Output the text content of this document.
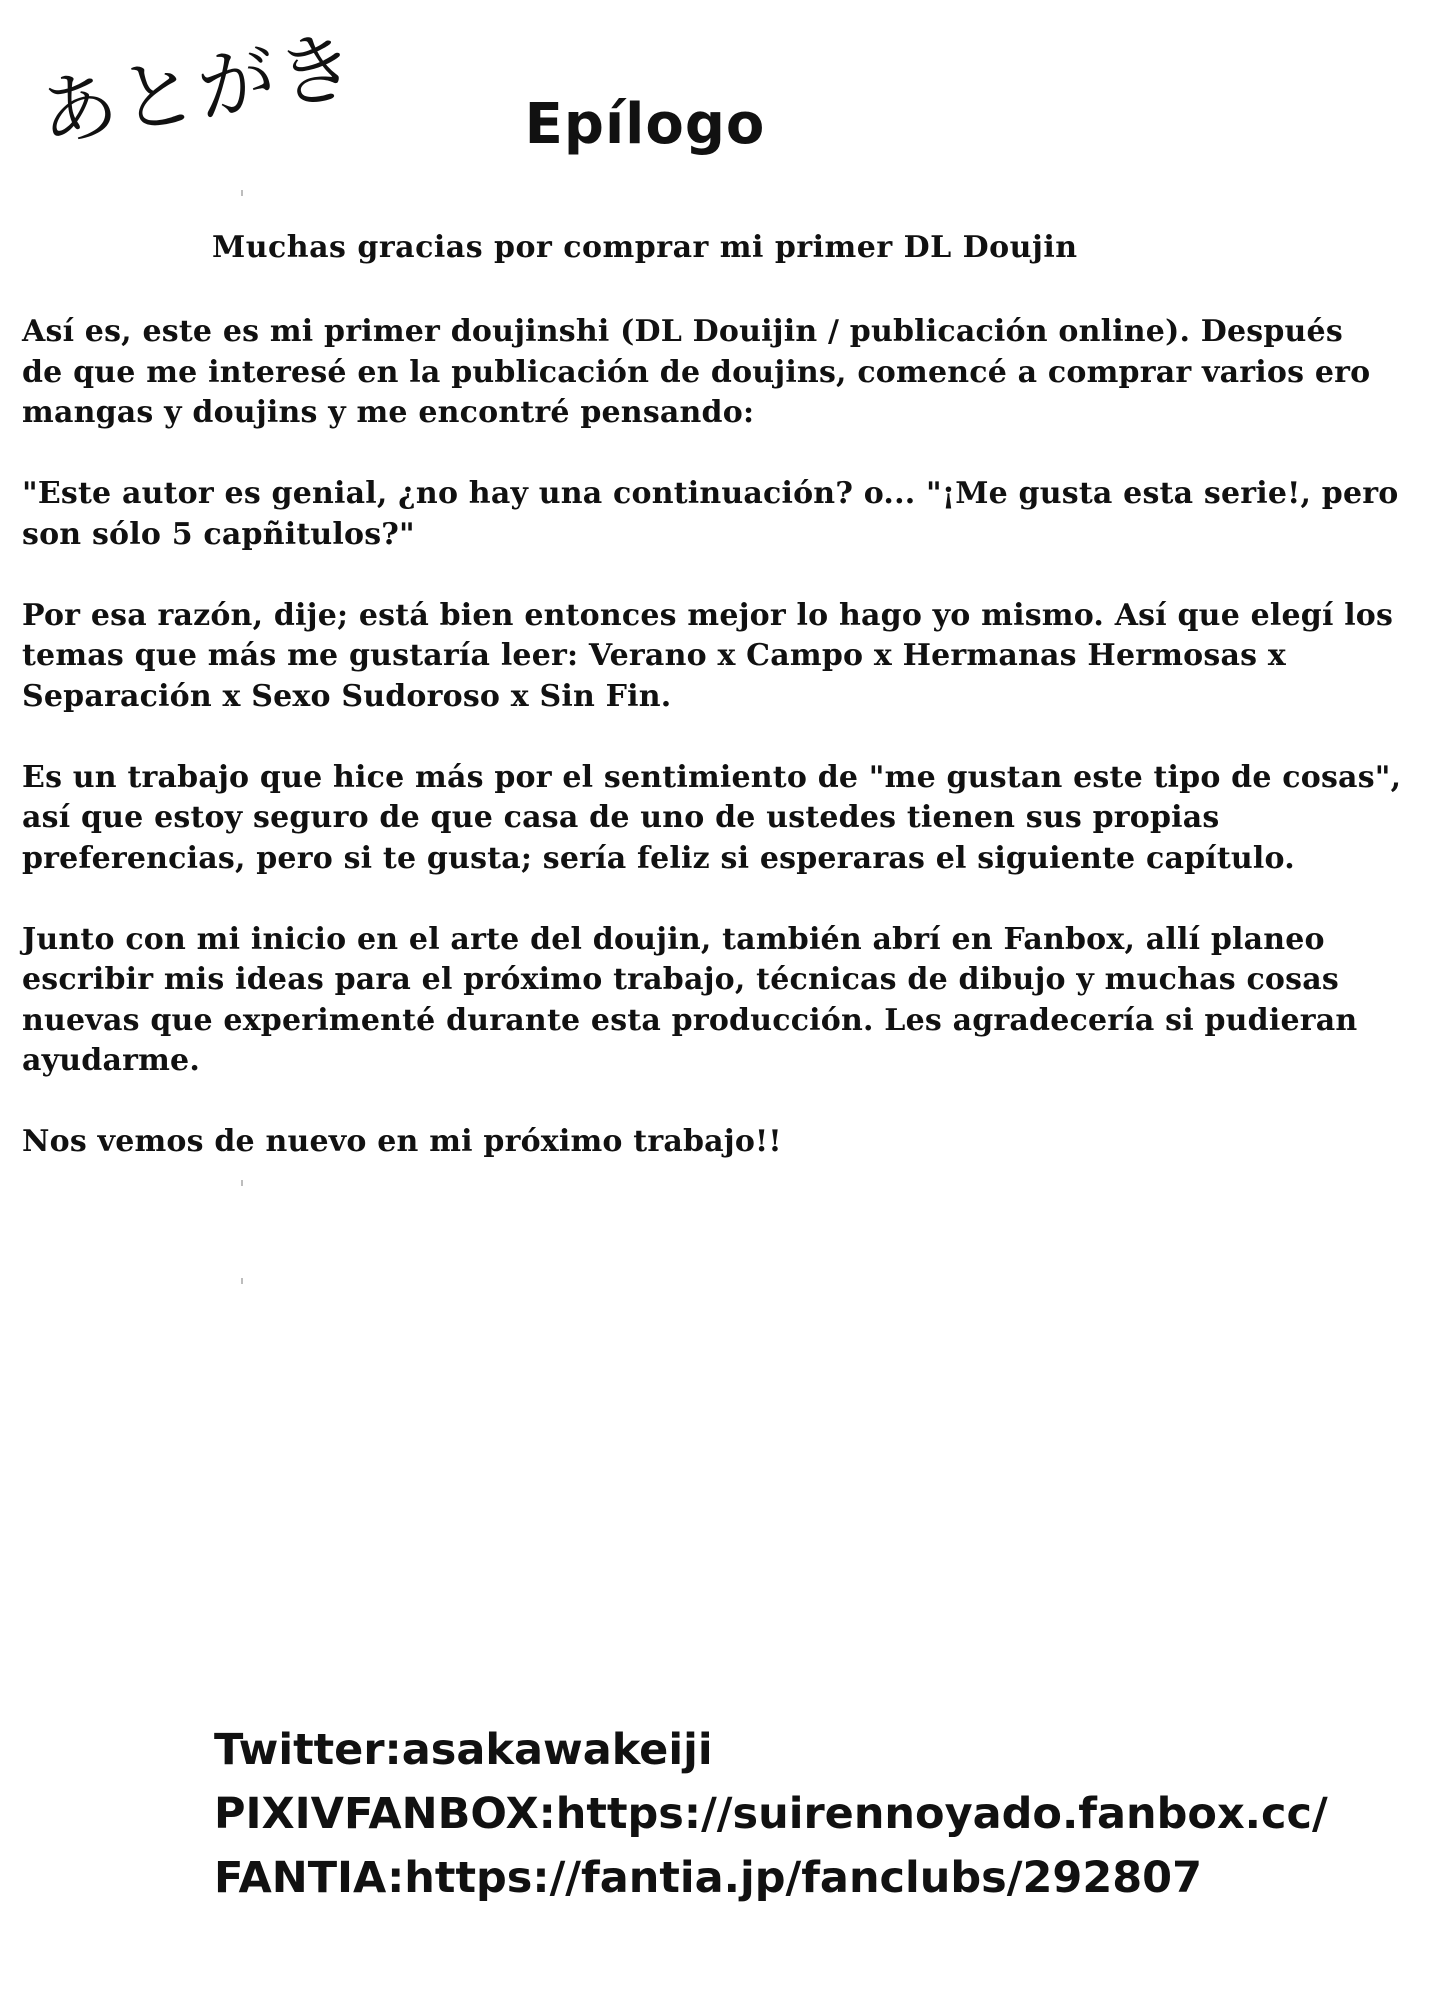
あとがき	Epílogo
Muchas gracias por comprar mi primer DL Doujin

Así es, este es mi primer doujinshi (DL Douijin / publicación online). Después
de que me interesé en la publicación de doujins, comencé a comprar varios ero
mangas y doujins y me encontré pensando:

"Este autor es genial, ¿no hay una continuación? o... "¡Me gusta esta serie!, pero
son sólo 5 capñitulos?"

Por esa razón, dije; está bien entonces mejor lo hago yo mismo. Así que elegí los
temas que más me gustaría leer: Verano x Campo x Hermanas Hermosas x
Separación x Sexo Sudoroso x Sin Fin.

Es un trabajo que hice más por el sentimiento de "me gustan este tipo de cosas",
así que estoy seguro de que casa de uno de ustedes tienen sus propias
preferencias, pero si te gusta; sería feliz si esperaras el siguiente capítulo.

Junto con mi inicio en el arte del doujin, también abrí en Fanbox, allí planeo
escribir mis ideas para el próximo trabajo, técnicas de dibujo y muchas cosas
nuevas que experimenté durante esta producción. Les agradecería si pudieran
ayudarme.

Nos vemos de nuevo en mi próximo trabajo!!

Twitter:asakawakeiji
PIXIVFANBOX:https://suirennoyado.fanbox.cc/
FANTIA:https://fantia.jp/fanclubs/292807
